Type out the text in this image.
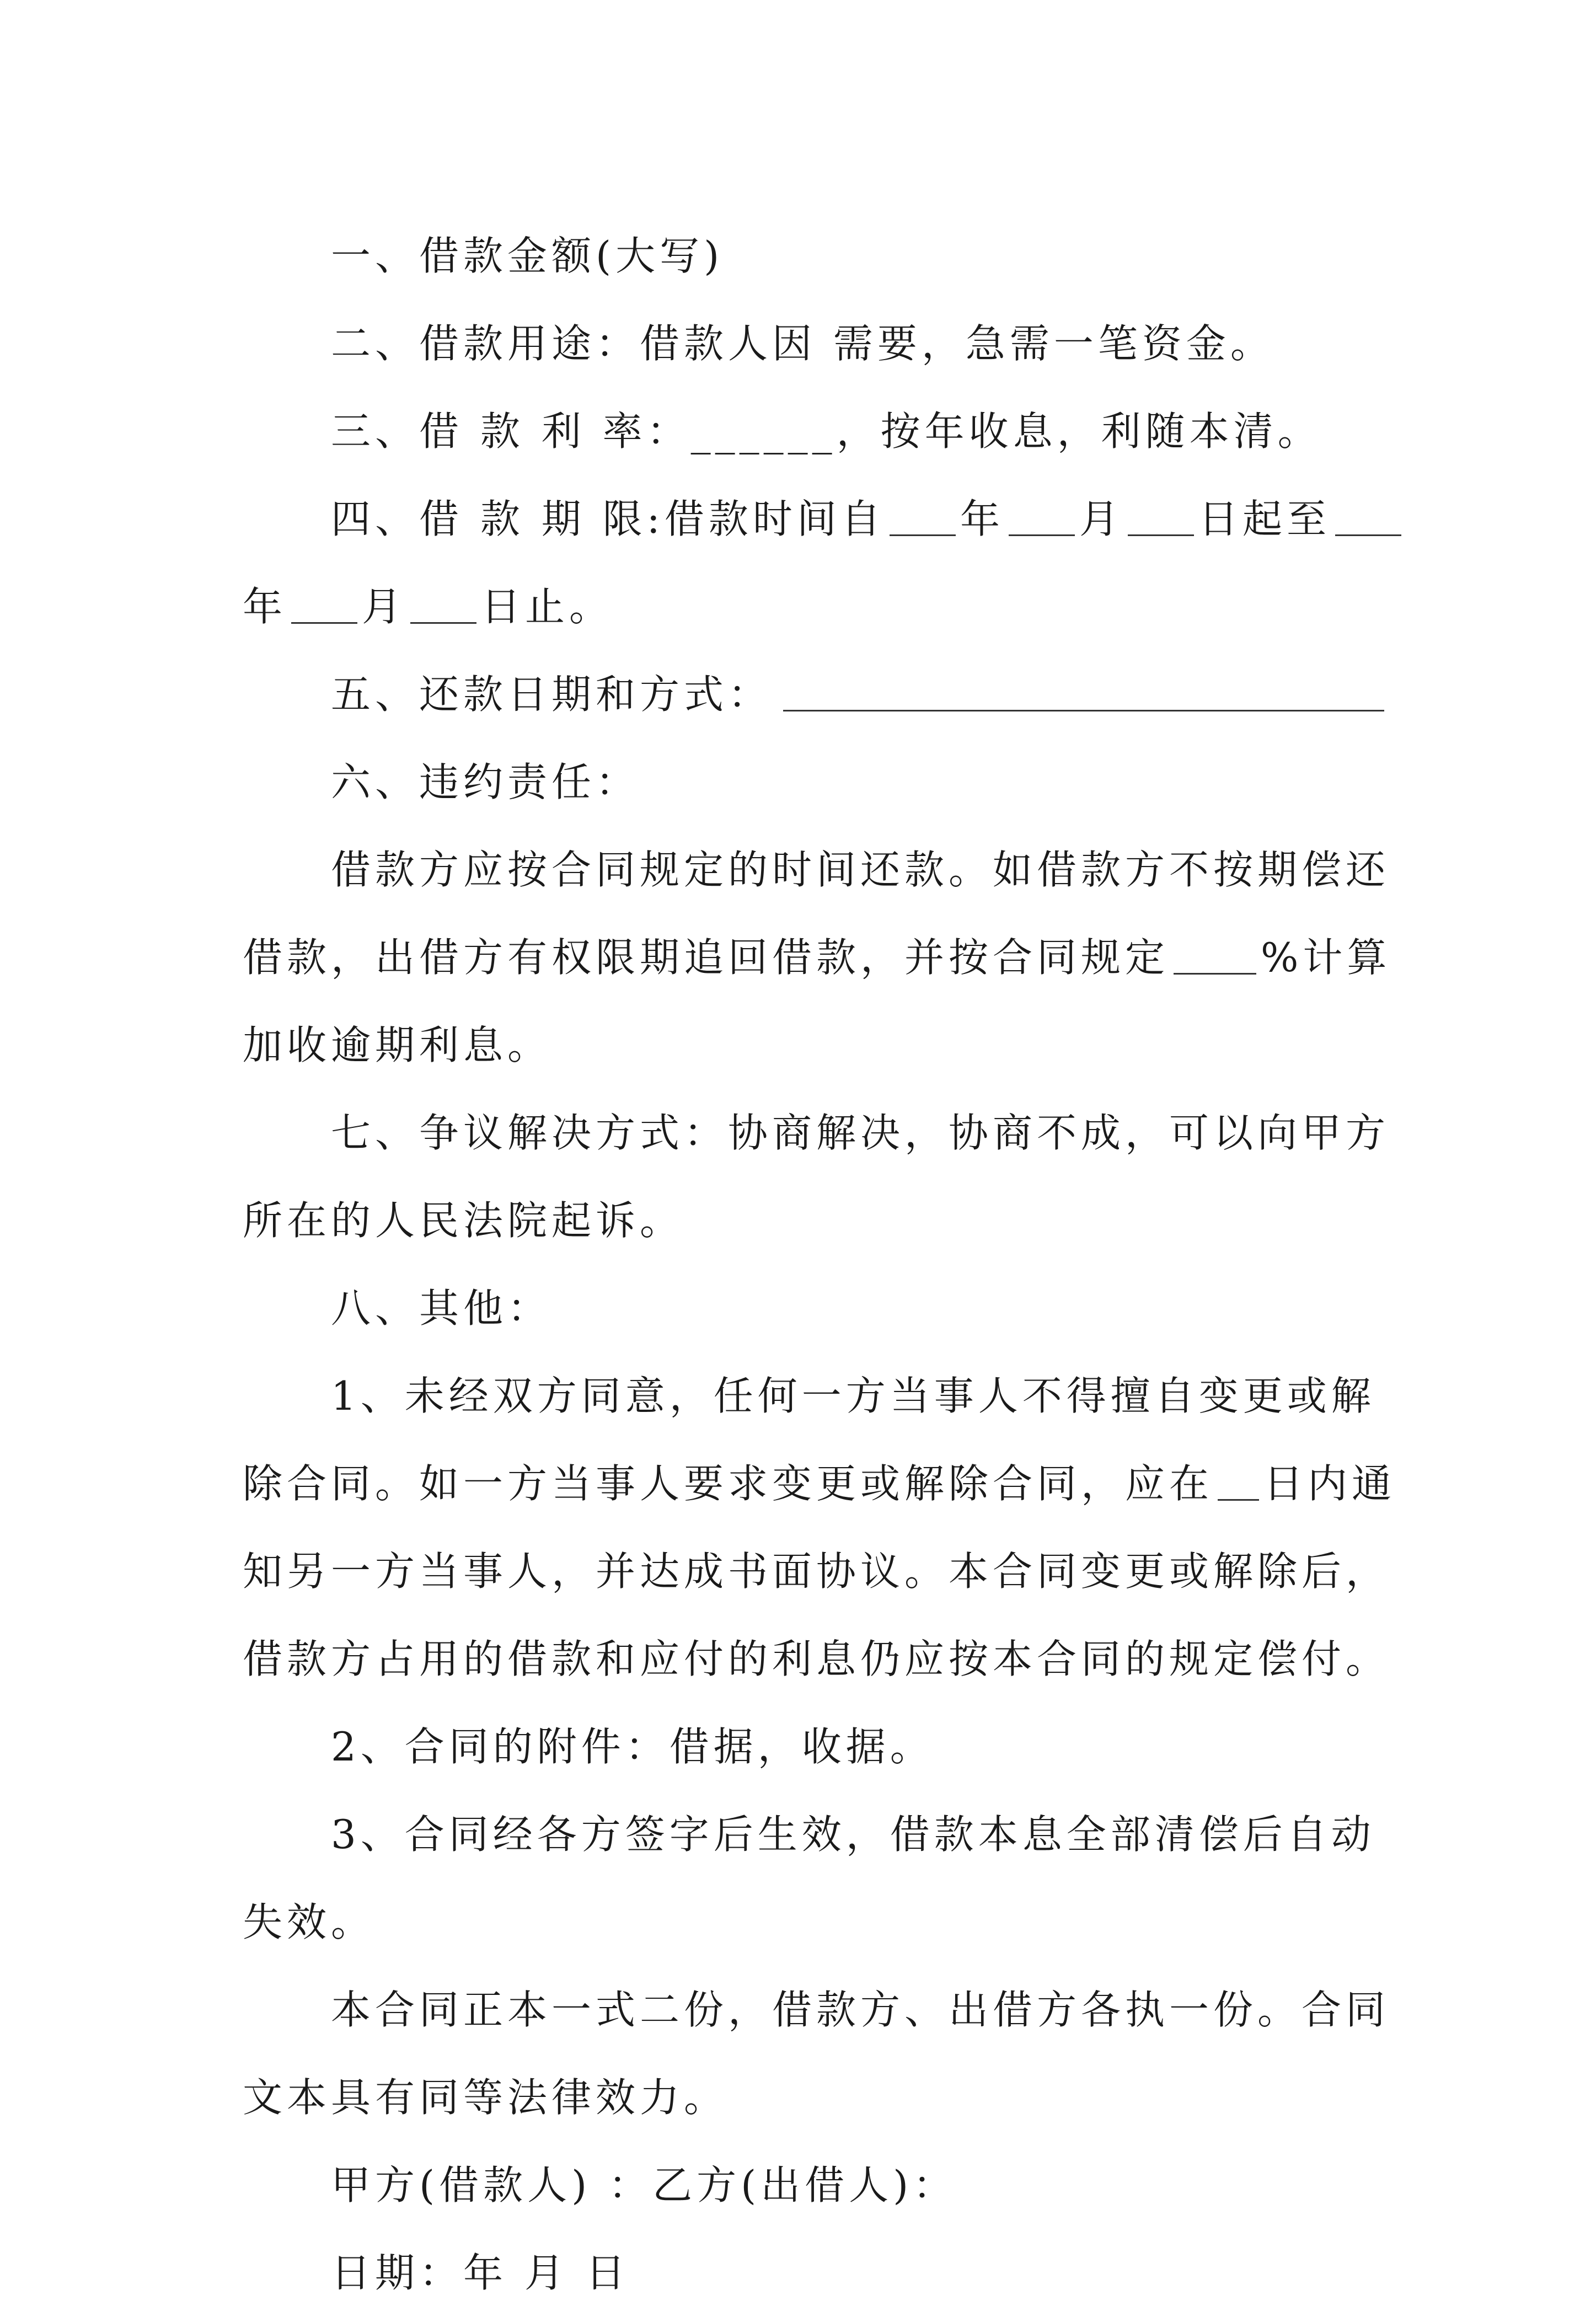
一、借款金额(大写)
二、借款用途：借款人因 需要，急需一笔资金。
三、借 款 利 率：______，按年收息，利随本清。
四、借 款 期 限:借款时间自 年 月 日起至
年 月 日止。
五、还款日期和方式：
六、违约责任：
借款方应按合同规定的时间还款。如借款方不按期偿还
借款，出借方有权限期追回借款，并按合同规定 %计算
加收逾期利息。
七、争议解决方式：协商解决，协商不成，可以向甲方
所在的人民法院起诉。
八、其他：
1、未经双方同意，任何一方当事人不得擅自变更或解
除合同。如一方当事人要求变更或解除合同，应在 日内通
知另一方当事人，并达成书面协议。本合同变更或解除后，
借款方占用的借款和应付的利息仍应按本合同的规定偿付。
2、合同的附件：借据，收据。
3、合同经各方签字后生效，借款本息全部清偿后自动
失效。
本合同正本一式二份，借款方、出借方各执一份。合同
文本具有同等法律效力。
甲方(借款人) ：乙方(出借人)：
日期：年 月 日
